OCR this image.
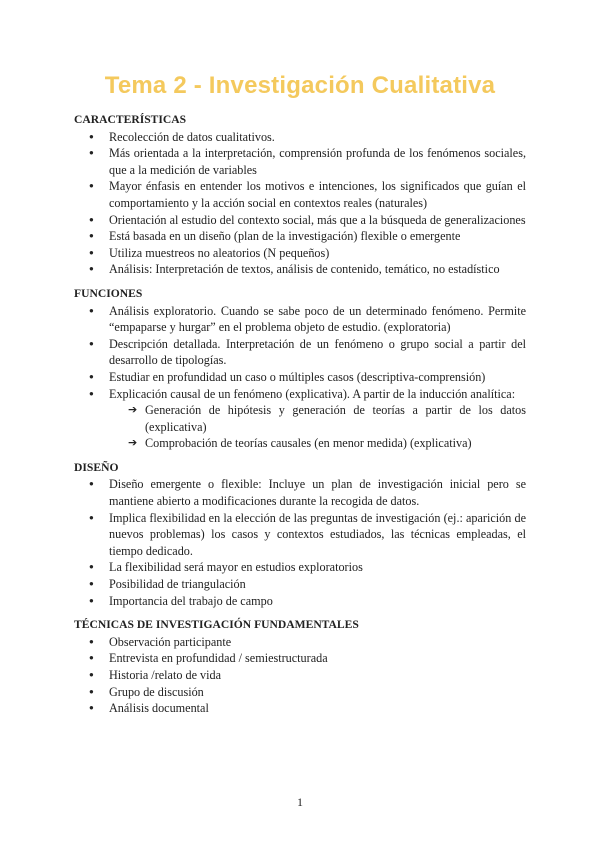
Tema 2 - Investigación Cualitativa

CARACTERÍSTICAS

● Recolección de datos cualitativos.
● Más orientada a la interpretación, comprensión profunda de los fenómenos sociales, que a la medición de variables
● Mayor énfasis en entender los motivos e intenciones, los significados que guían el comportamiento y la acción social en contextos reales (naturales)
● Orientación al estudio del contexto social, más que a la búsqueda de generalizaciones
● Está basada en un diseño (plan de la investigación) flexible o emergente
● Utiliza muestreos no aleatorios (N pequeños)
● Análisis: Interpretación de textos, análisis de contenido, temático, no estadístico

FUNCIONES

● Análisis exploratorio. Cuando se sabe poco de un determinado fenómeno. Permite “empaparse y hurgar” en el problema objeto de estudio. (exploratoria)
● Descripción detallada. Interpretación de un fenómeno o grupo social a partir del desarrollo de tipologías.
● Estudiar en profundidad un caso o múltiples casos (descriptiva-comprensión)
● Explicación causal de un fenómeno (explicativa). A partir de la inducción analítica:
➔ Generación de hipótesis y generación de teorías a partir de los datos (explicativa)
➔ Comprobación de teorías causales (en menor medida) (explicativa)

DISEÑO

● Diseño emergente o flexible: Incluye un plan de investigación inicial pero se mantiene abierto a modificaciones durante la recogida de datos.
● Implica flexibilidad en la elección de las preguntas de investigación (ej.: aparición de nuevos problemas) los casos y contextos estudiados, las técnicas empleadas, el tiempo dedicado.
● La flexibilidad será mayor en estudios exploratorios
● Posibilidad de triangulación
● Importancia del trabajo de campo

TÉCNICAS DE INVESTIGACIÓN FUNDAMENTALES

● Observación participante
● Entrevista en profundidad / semiestructurada
● Historia /relato de vida
● Grupo de discusión
● Análisis documental
1
